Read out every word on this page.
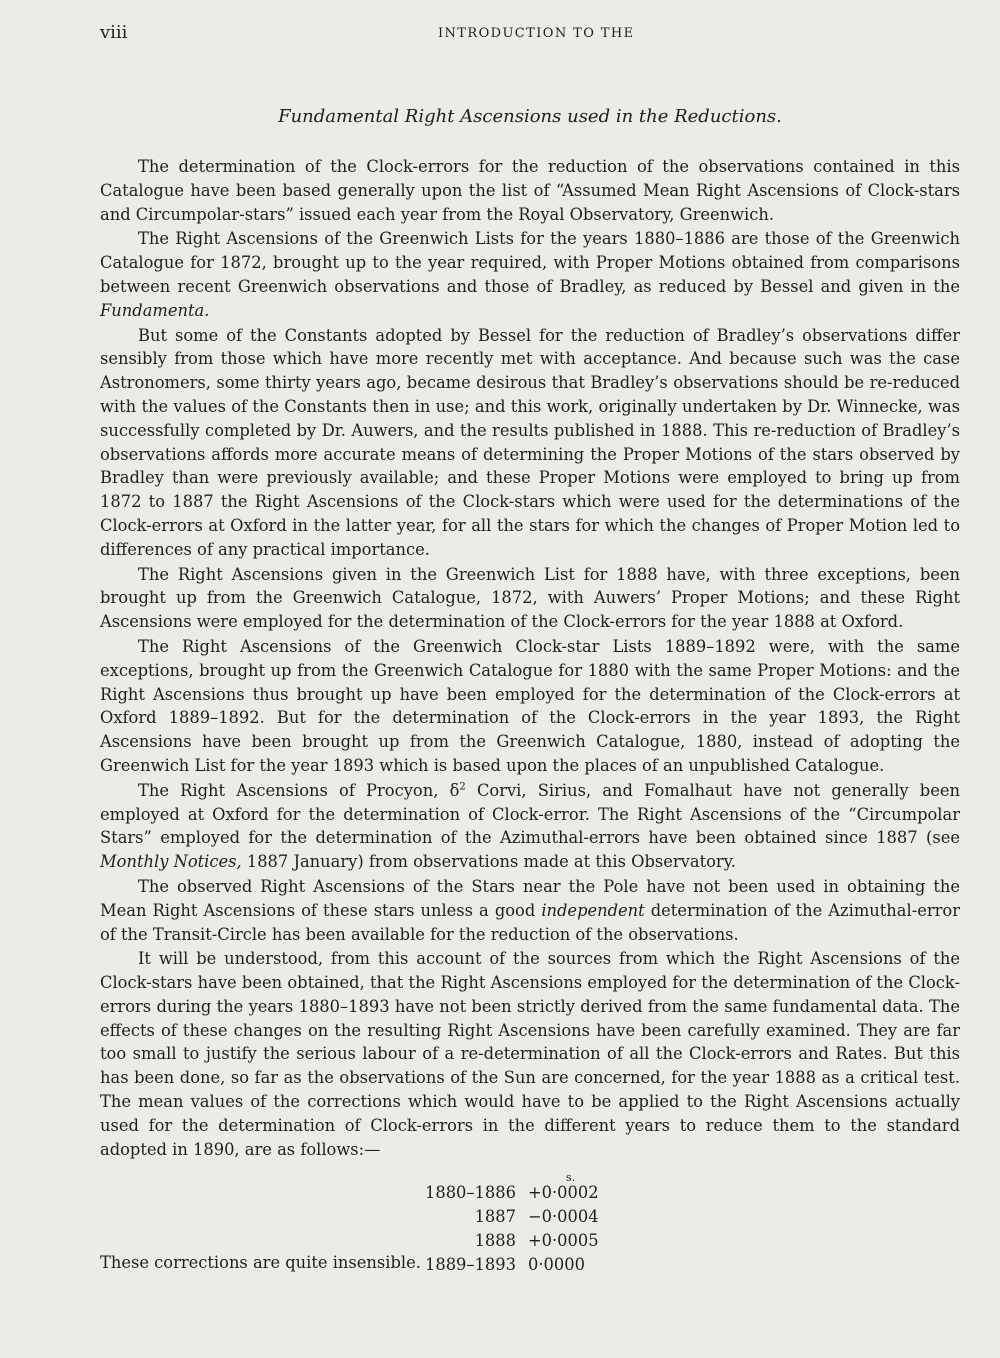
viii	INTRODUCTION TO THE
Fundamental Right Ascensions used in the Reductions.

The determination of the Clock-errors for the reduction of the observations contained in this Catalogue have been based generally upon the list of “Assumed Mean Right Ascensions of Clock-stars and Circumpolar-stars” issued each year from the Royal Observatory, Greenwich.

The Right Ascensions of the Greenwich Lists for the years 1880–1886 are those of the Greenwich Catalogue for 1872, brought up to the year required, with Proper Motions obtained from comparisons between recent Greenwich observations and those of Bradley, as reduced by Bessel and given in the Fundamenta.

But some of the Constants adopted by Bessel for the reduction of Bradley’s observations differ sensibly from those which have more recently met with acceptance. And because such was the case Astronomers, some thirty years ago, became desirous that Bradley’s observations should be re-reduced with the values of the Constants then in use; and this work, originally undertaken by Dr. Winnecke, was successfully completed by Dr. Auwers, and the results published in 1888. This re-reduction of Bradley’s observations affords more accurate means of determining the Proper Motions of the stars observed by Bradley than were previously available; and these Proper Motions were employed to bring up from 1872 to 1887 the Right Ascensions of the Clock-stars which were used for the determinations of the Clock-errors at Oxford in the latter year, for all the stars for which the changes of Proper Motion led to differences of any practical importance.

The Right Ascensions given in the Greenwich List for 1888 have, with three exceptions, been brought up from the Greenwich Catalogue, 1872, with Auwers’ Proper Motions; and these Right Ascensions were employed for the determination of the Clock-errors for the year 1888 at Oxford.

The Right Ascensions of the Greenwich Clock-star Lists 1889–1892 were, with the same exceptions, brought up from the Greenwich Catalogue for 1880 with the same Proper Motions: and the Right Ascensions thus brought up have been employed for the determination of the Clock-errors at Oxford 1889–1892. But for the determination of the Clock-errors in the year 1893, the Right Ascensions have been brought up from the Greenwich Catalogue, 1880, instead of adopting the Greenwich List for the year 1893 which is based upon the places of an unpublished Catalogue.

The Right Ascensions of Procyon, $\delta^2$ Corvi, Sirius, and Fomalhaut have not generally been employed at Oxford for the determination of Clock-error. The Right Ascensions of the “Circumpolar Stars” employed for the determination of the Azimuthal-errors have been obtained since 1887 (see Monthly Notices, 1887 January) from observations made at this Observatory.

The observed Right Ascensions of the Stars near the Pole have not been used in obtaining the Mean Right Ascensions of these stars unless a good independent determination of the Azimuthal-error of the Transit-Circle has been available for the reduction of the observations.

It will be understood, from this account of the sources from which the Right Ascensions of the Clock-stars have been obtained, that the Right Ascensions employed for the determination of the Clock-errors during the years 1880–1893 have not been strictly derived from the same fundamental data. The effects of these changes on the resulting Right Ascensions have been carefully examined. They are far too small to justify the serious labour of a re-determination of all the Clock-errors and Rates. But this has been done, so far as the observations of the Sun are concerned, for the year 1888 as a critical test. The mean values of the corrections which would have to be applied to the Right Ascensions actually used for the determination of Clock-errors in the different years to reduce them to the standard adopted in 1890, are as follows:—

s.
1880–1886 +0·0002
1887 −0·0004
1888 +0·0005
1889–1893 0·0000
These corrections are quite insensible.
